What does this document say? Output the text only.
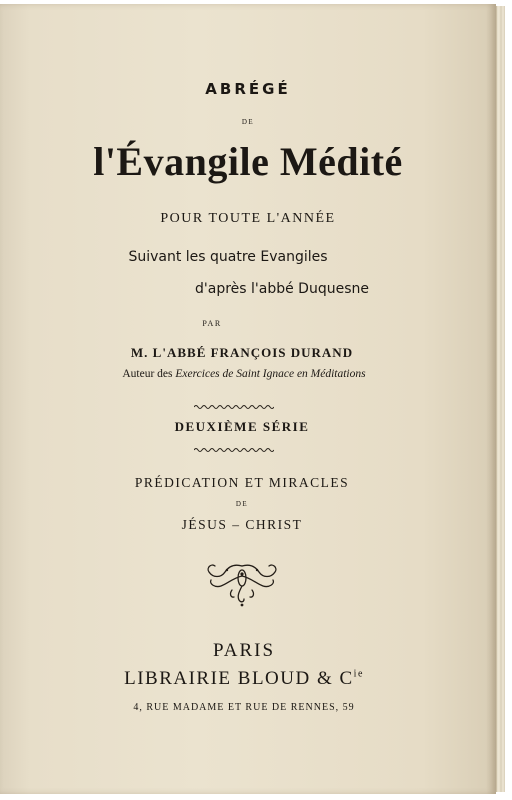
ABRÉGÉ
DE
l'Évangile Médité
POUR TOUTE L'ANNÉE
Suivant les quatre Evangiles
d'après l'abbé Duquesne
PAR
M. L'ABBÉ FRANÇOIS DURAND
Auteur des Exercices de Saint Ignace en Méditations
DEUXIÈME SÉRIE
PRÉDICATION ET MIRACLES
DE
JÉSUS – CHRIST
PARIS
LIBRAIRIE BLOUD & $C^{ie}$
4, RUE MADAME ET RUE DE RENNES, 59
